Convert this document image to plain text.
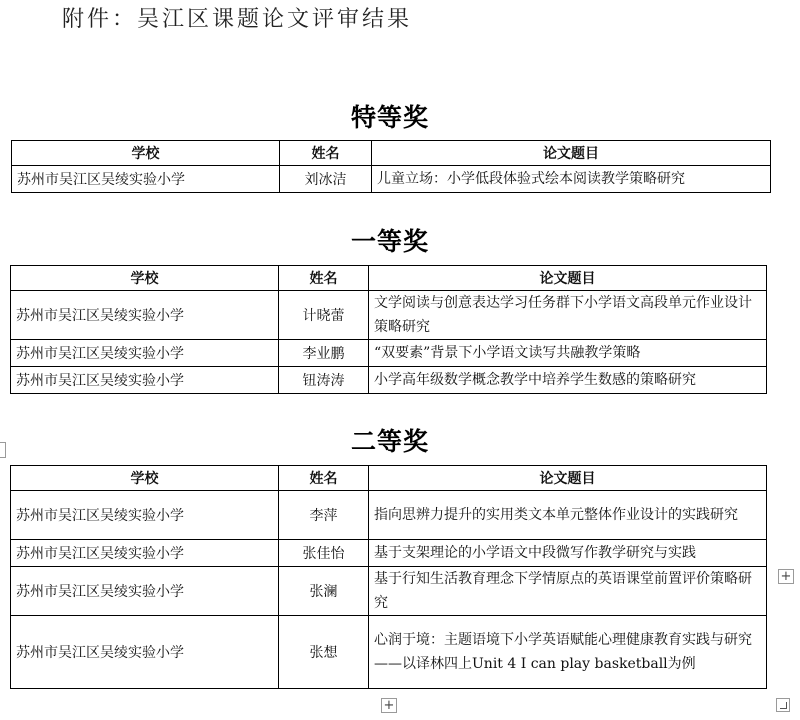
附件：吴江区课题论文评审结果
特等奖
学校	姓名	论文题目
苏州市吴江区吴绫实验小学	刘冰洁	儿童立场：小学低段体验式绘本阅读教学策略研究
一等奖
学校	姓名	论文题目
苏州市吴江区吴绫实验小学	计晓蕾	文学阅读与创意表达学习任务群下小学语文高段单元作业设计策略研究
苏州市吴江区吴绫实验小学	李业鹏	“双要素”背景下小学语文读写共融教学策略
苏州市吴江区吴绫实验小学	钮涛涛	小学高年级数学概念教学中培养学生数感的策略研究
二等奖
学校	姓名	论文题目
苏州市吴江区吴绫实验小学	李萍	指向思辨力提升的实用类文本单元整体作业设计的实践研究
苏州市吴江区吴绫实验小学	张佳怡	基于支架理论的小学语文中段微写作教学研究与实践
苏州市吴江区吴绫实验小学	张澜	基于行知生活教育理念下学情原点的英语课堂前置评价策略研究
苏州市吴江区吴绫实验小学	张想	心润于境：主题语境下小学英语赋能心理健康教育实践与研究——以译林四上Unit 4 I can play basketball为例
+
+
